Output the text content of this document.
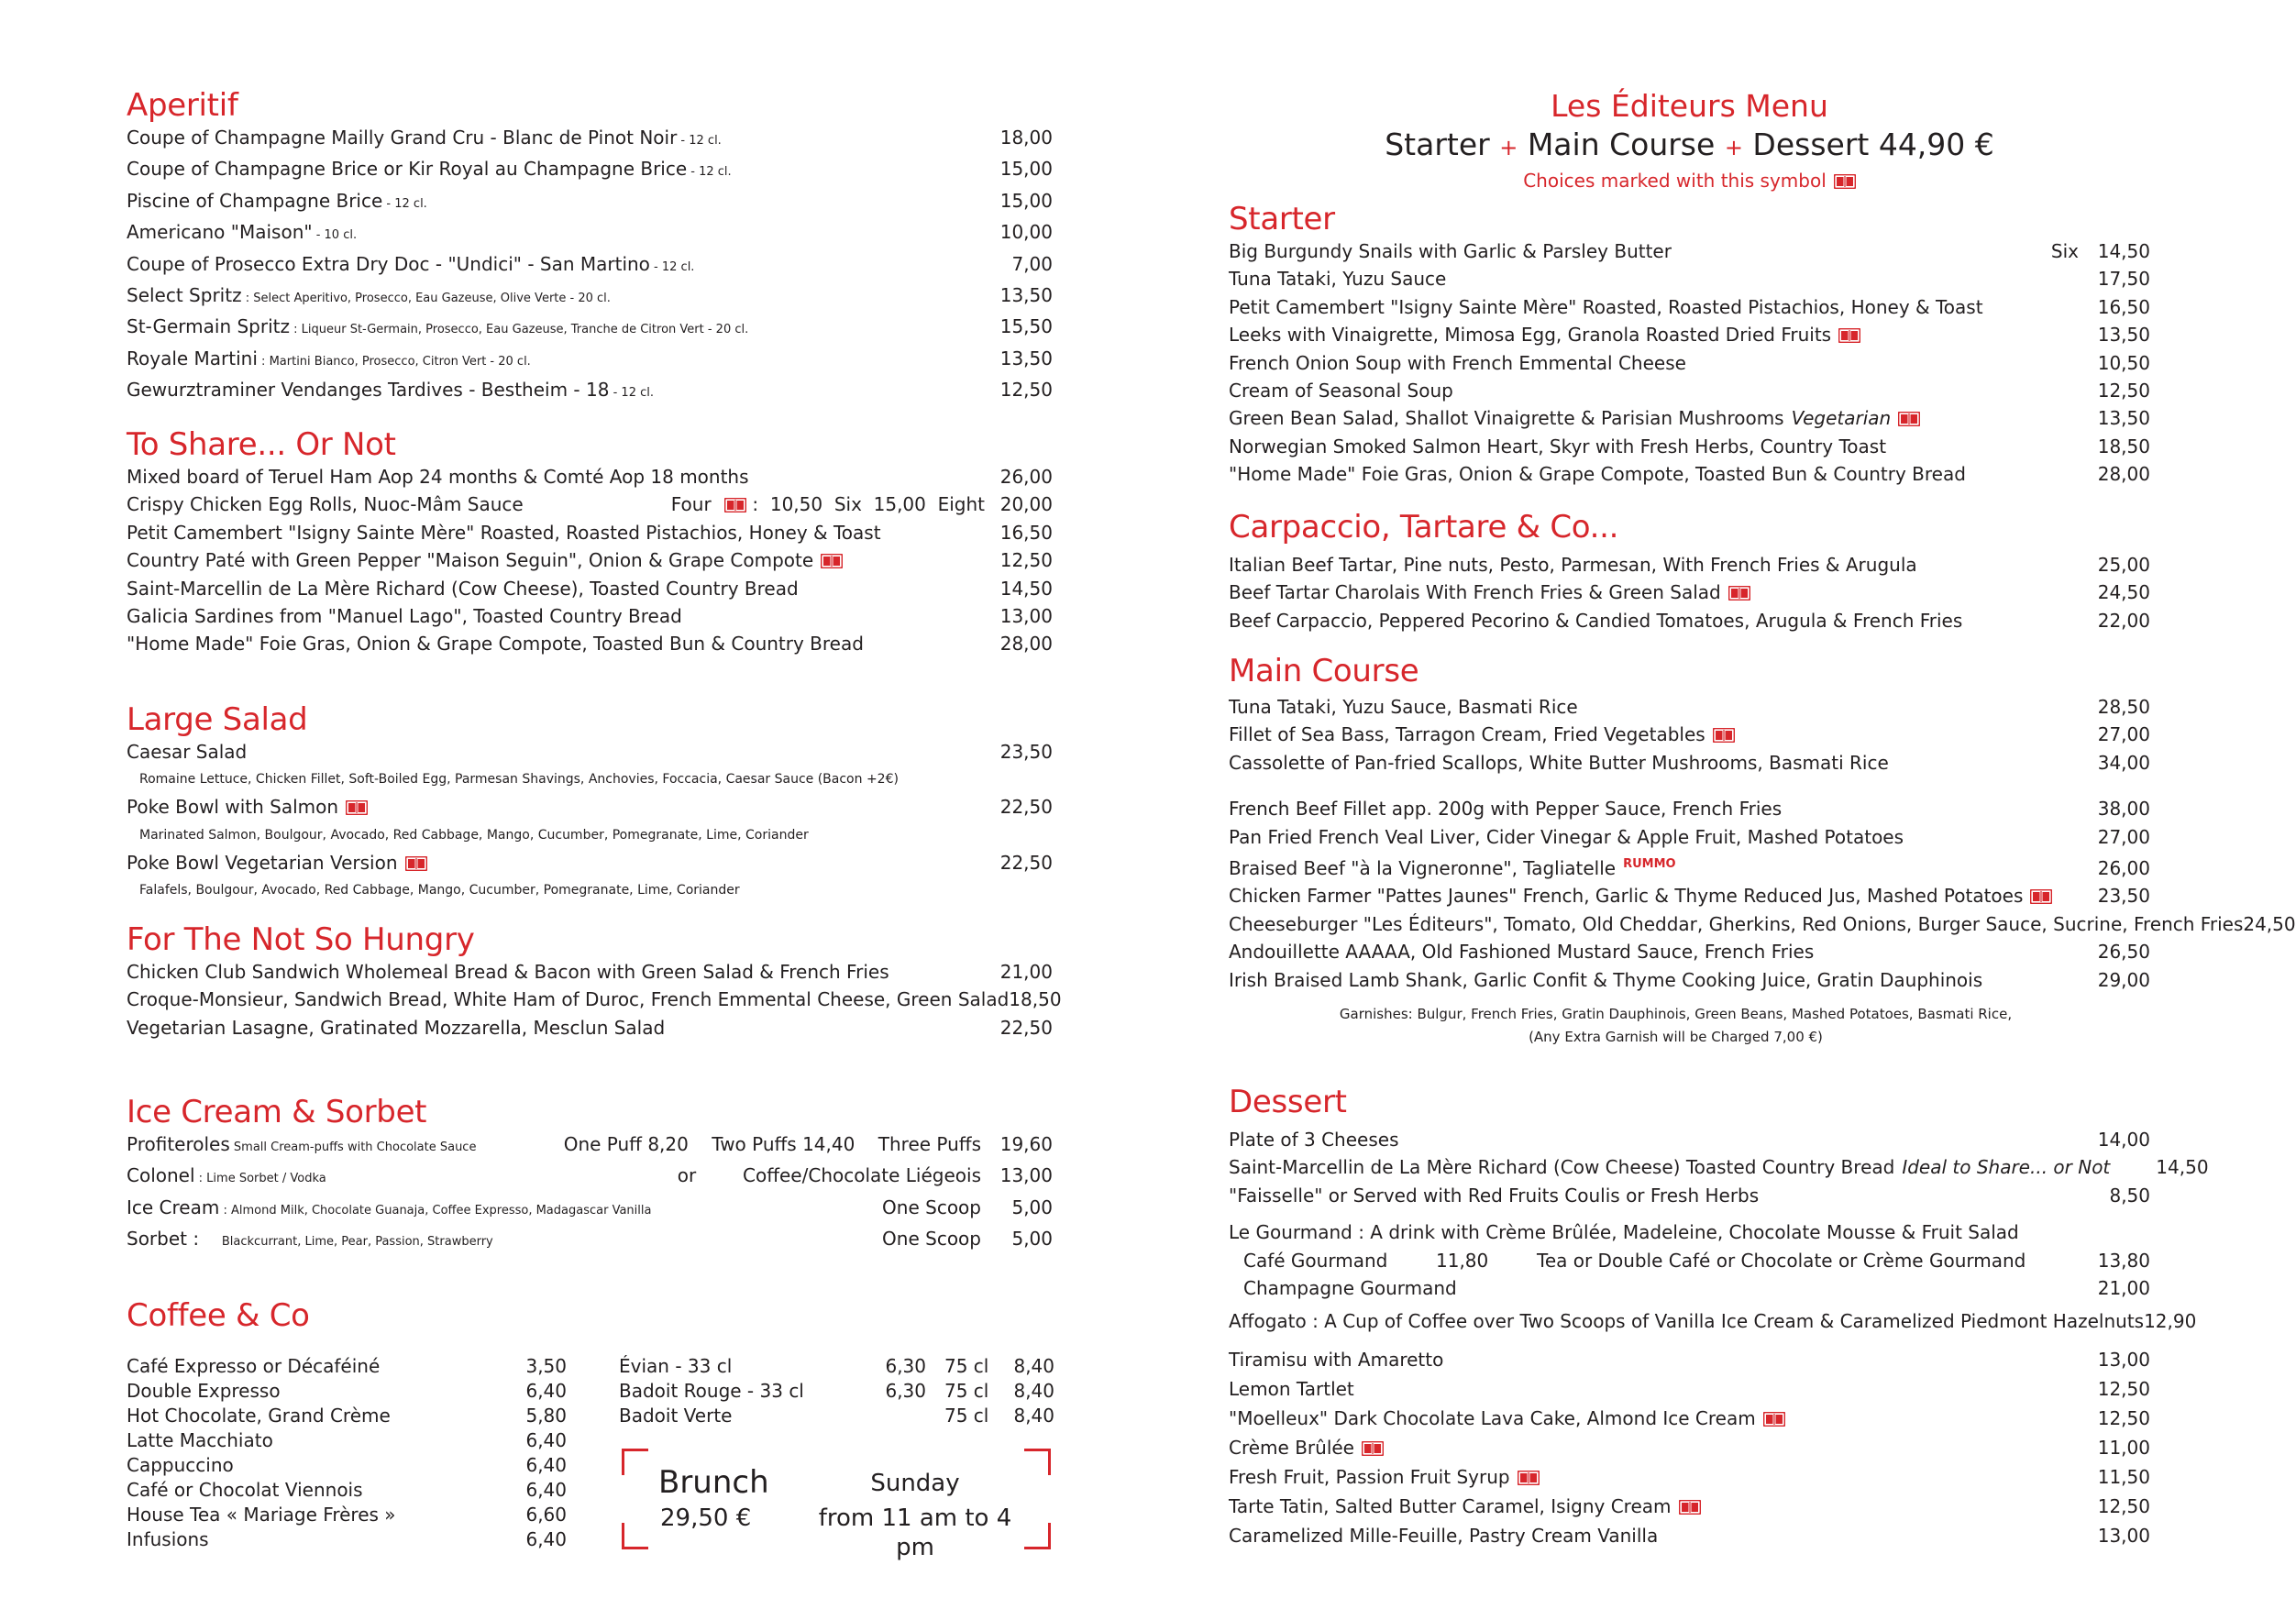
Aperitif
Coupe of Champagne Mailly Grand Cru - Blanc de Pinot Noir - 12 cl.	18,00
Coupe of Champagne Brice or Kir Royal au Champagne Brice - 12 cl.	15,00
Piscine of Champagne Brice - 12 cl.	15,00
Americano "Maison" - 10 cl.	10,00
Coupe of Prosecco Extra Dry Doc - "Undici" - San Martino - 12 cl.	7,00
Select Spritz : Select Aperitivo, Prosecco, Eau Gazeuse, Olive Verte - 20 cl.	13,50
St-Germain Spritz : Liqueur St-Germain, Prosecco, Eau Gazeuse, Tranche de Citron Vert - 20 cl.	15,50
Royale Martini : Martini Bianco, Prosecco, Citron Vert - 20 cl.	13,50
Gewurztraminer Vendanges Tardives - Bestheim - 18 - 12 cl.	12,50
To Share... Or Not
Mixed board of Teruel Ham Aop 24 months & Comté Aop 18 months	26,00
Crispy Chicken Egg Rolls, Nuoc-Mâm Sauce	Four :  10,50  Six  15,00  Eight 20,00
Petit Camembert "Isigny Sainte Mère" Roasted, Roasted Pistachios, Honey & Toast	16,50
Country Paté with Green Pepper "Maison Seguin", Onion & Grape Compote	12,50
Saint-Marcellin de La Mère Richard (Cow Cheese), Toasted Country Bread	14,50
Galicia Sardines from "Manuel Lago", Toasted Country Bread	13,00
"Home Made" Foie Gras, Onion & Grape Compote, Toasted Bun & Country Bread	28,00
Large Salad
Caesar Salad	23,50
Romaine Lettuce, Chicken Fillet, Soft-Boiled Egg, Parmesan Shavings, Anchovies, Foccacia, Caesar Sauce (Bacon +2€)
Poke Bowl with Salmon	22,50
Marinated Salmon, Boulgour, Avocado, Red Cabbage, Mango, Cucumber, Pomegranate, Lime, Coriander
Poke Bowl Vegetarian Version	22,50
Falafels, Boulgour, Avocado, Red Cabbage, Mango, Cucumber, Pomegranate, Lime, Coriander
For The Not So Hungry
Chicken Club Sandwich Wholemeal Bread & Bacon with Green Salad & French Fries	21,00
Croque-Monsieur, Sandwich Bread, White Ham of Duroc, French Emmental Cheese, Green Salad 18,50
Vegetarian Lasagne, Gratinated Mozzarella, Mesclun Salad	22,50
Ice Cream & Sorbet
Profiteroles Small Cream-puffs with Chocolate Sauce	One Puff 8,20    Two Puffs 14,40    Three Puffs	19,60
Colonel : Lime Sorbet / Vodka	or        Coffee/Chocolate Liégeois	13,00
Ice Cream : Almond Milk, Chocolate Guanaja, Coffee Expresso, Madagascar Vanilla	One Scoop	5,00
Sorbet :      Blackcurrant, Lime, Pear, Passion, Strawberry	One Scoop	5,00
Coffee & Co
Café Expresso or Décaféiné	3,50
Double Expresso	6,40
Hot Chocolate, Grand Crème	5,80
Latte Macchiato	6,40
Cappuccino	6,40
Café or Chocolat Viennois	6,40
House Tea « Mariage Frères »	6,60
Infusions	6,40
Évian - 33 cl	6,30 75 cl	8,40
Badoit Rouge - 33 cl	6,30 75 cl	8,40
Badoit Verte	75 cl	8,40
Brunch
29,50 €
Sunday
from 11 am to 4 pm
Les Éditeurs Menu
Starter + Main Course + Dessert 44,90 €
Choices marked with this symbol
Starter
Big Burgundy Snails with Garlic & Parsley Butter	Six	14,50
Tuna Tataki, Yuzu Sauce	17,50
Petit Camembert "Isigny Sainte Mère" Roasted, Roasted Pistachios, Honey & Toast	16,50
Leeks with Vinaigrette, Mimosa Egg, Granola Roasted Dried Fruits	13,50
French Onion Soup with French Emmental Cheese	10,50
Cream of Seasonal Soup	12,50
Green Bean Salad, Shallot Vinaigrette & Parisian Mushrooms Vegetarian	13,50
Norwegian Smoked Salmon Heart, Skyr with Fresh Herbs, Country Toast	18,50
"Home Made" Foie Gras, Onion & Grape Compote, Toasted Bun & Country Bread	28,00
Carpaccio, Tartare & Co...
Italian Beef Tartar, Pine nuts, Pesto, Parmesan, With French Fries & Arugula	25,00
Beef Tartar Charolais With French Fries & Green Salad	24,50
Beef Carpaccio, Peppered Pecorino & Candied Tomatoes, Arugula & French Fries	22,00
Main Course
Tuna Tataki, Yuzu Sauce, Basmati Rice	28,50
Fillet of Sea Bass, Tarragon Cream, Fried Vegetables	27,00
Cassolette of Pan-fried Scallops, White Butter Mushrooms, Basmati Rice	34,00
French Beef Fillet app. 200g with Pepper Sauce, French Fries	38,00
Pan Fried French Veal Liver, Cider Vinegar & Apple Fruit, Mashed Potatoes	27,00
Braised Beef "à la Vigneronne", Tagliatelle $^{RUMMO}$	26,00
Chicken Farmer "Pattes Jaunes" French, Garlic & Thyme Reduced Jus, Mashed Potatoes	23,50
Cheeseburger "Les Éditeurs", Tomato, Old Cheddar, Gherkins, Red Onions, Burger Sauce, Sucrine, French Fries 24,50
Andouillette AAAAA, Old Fashioned Mustard Sauce, French Fries	26,50
Irish Braised Lamb Shank, Garlic Confit & Thyme Cooking Juice, Gratin Dauphinois	29,00
Garnishes: Bulgur, French Fries, Gratin Dauphinois, Green Beans, Mashed Potatoes, Basmati Rice,
(Any Extra Garnish will be Charged 7,00 €)
Dessert
Plate of 3 Cheeses	14,00
Saint-Marcellin de La Mère Richard (Cow Cheese) Toasted Country Bread Ideal to Share... or Not	14,50
"Faisselle" or Served with Red Fruits Coulis or Fresh Herbs	8,50
Le Gourmand : A drink with Crème Brûlée, Madeleine, Chocolate Mousse & Fruit Salad
Café Gourmand	11,80	Tea or Double Café or Chocolate or Crème Gourmand	13,80
Champagne Gourmand	21,00
Affogato : A Cup of Coffee over Two Scoops of Vanilla Ice Cream & Caramelized Piedmont Hazelnuts 12,90
Tiramisu with Amaretto	13,00
Lemon Tartlet	12,50
"Moelleux" Dark Chocolate Lava Cake, Almond Ice Cream	12,50
Crème Brûlée	11,00
Fresh Fruit, Passion Fruit Syrup	11,50
Tarte Tatin, Salted Butter Caramel, Isigny Cream	12,50
Caramelized Mille-Feuille, Pastry Cream Vanilla	13,00
